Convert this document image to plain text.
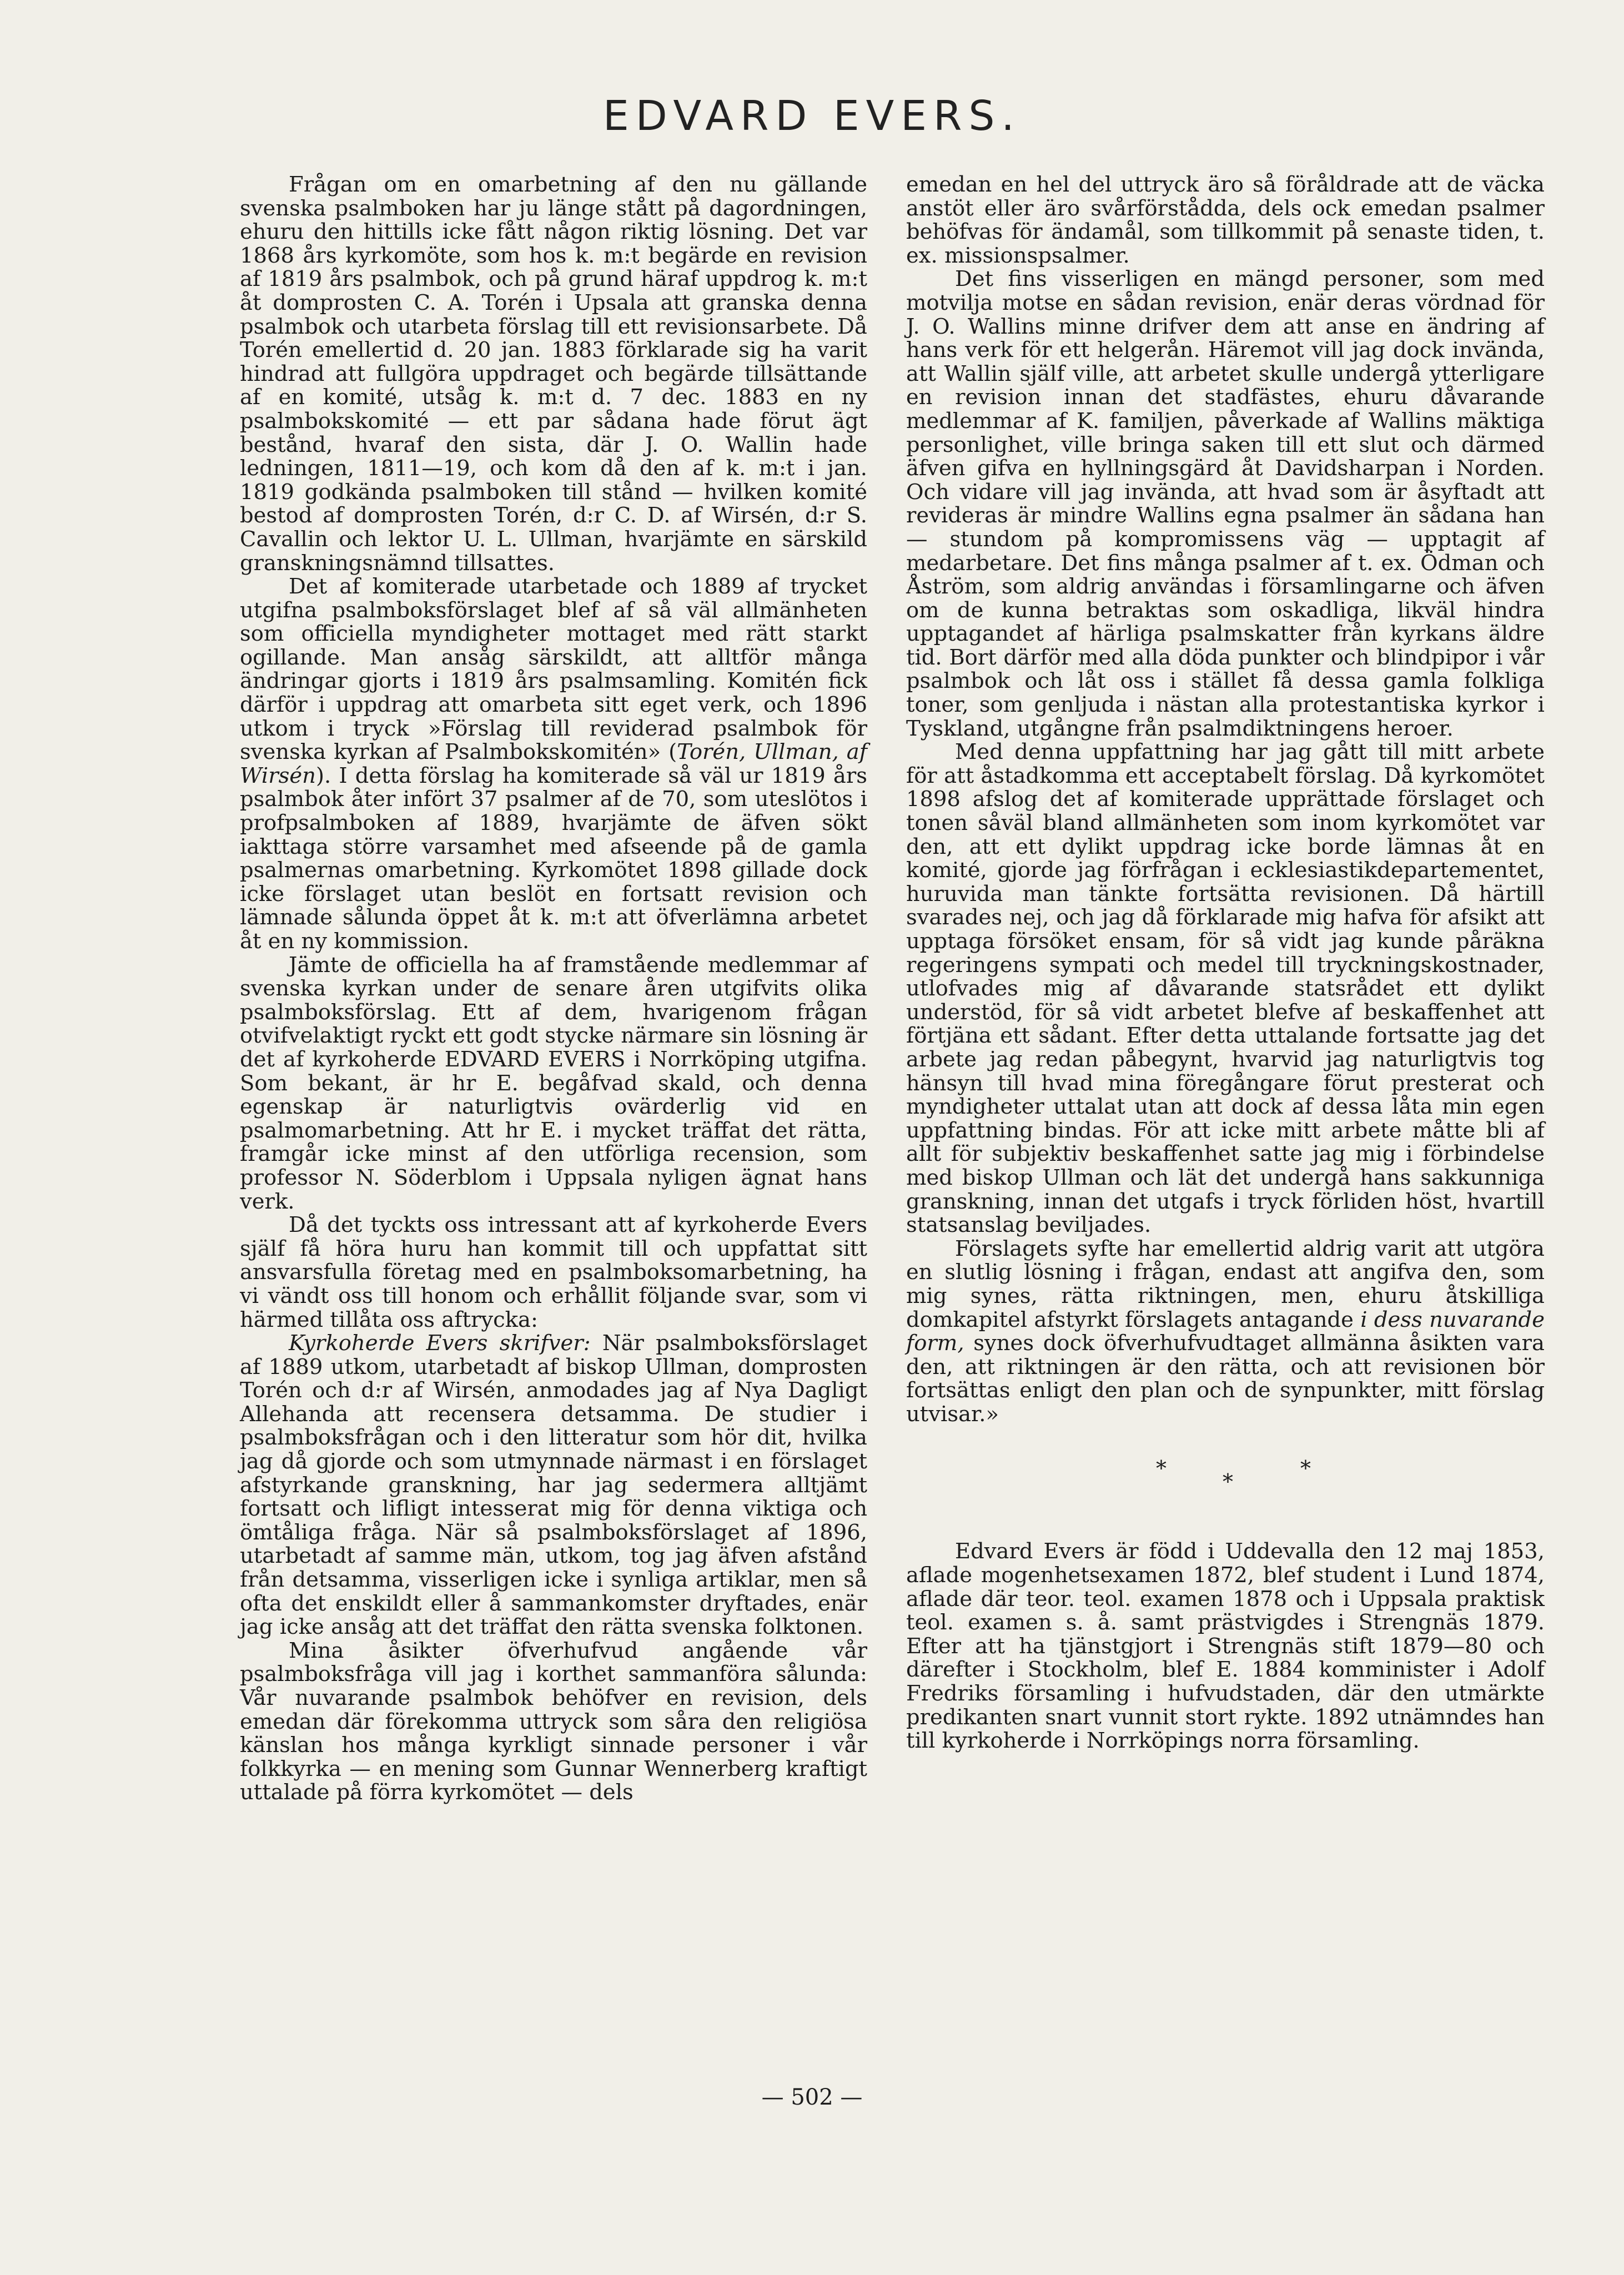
EDVARD EVERS.

Frågan om en omarbetning af den nu gällande svenska psalmboken har ju länge stått på dagordningen, ehuru den hittills icke fått någon riktig lösning. Det var 1868 års kyrkomöte, som hos k. m:t begärde en revision af 1819 års psalmbok, och på grund häraf uppdrog k. m:t åt domprosten C. A. Torén i Upsala att granska denna psalmbok och utarbeta förslag till ett revisionsarbete. Då Torén emellertid d. 20 jan. 1883 förklarade sig ha varit hindrad att fullgöra uppdraget och begärde tillsättande af en komité, utsåg k. m:t d. 7 dec. 1883 en ny psalmbokskomité — ett par sådana hade förut ägt bestånd, hvaraf den sista, där J. O. Wallin hade ledningen, 1811—19, och kom då den af k. m:t i jan. 1819 godkända psalmboken till stånd — hvilken komité bestod af domprosten Torén, d:r C. D. af Wirsén, d:r S. Cavallin och lektor U. L. Ullman, hvarjämte en särskild granskningsnämnd tillsattes.

Det af komiterade utarbetade och 1889 af trycket utgifna psalmboksförslaget blef af så väl allmänheten som officiella myndigheter mottaget med rätt starkt ogillande. Man ansåg särskildt, att alltför många ändringar gjorts i 1819 års psalmsamling. Komitén fick därför i uppdrag att omarbeta sitt eget verk, och 1896 utkom i tryck »Förslag till reviderad psalmbok för svenska kyrkan af Psalmbokskomitén» (Torén, Ullman, af Wirsén). I detta förslag ha komiterade så väl ur 1819 års psalmbok åter infört 37 psalmer af de 70, som uteslötos i profpsalmboken af 1889, hvarjämte de äfven sökt iakttaga större varsamhet med afseende på de gamla psalmernas omarbetning. Kyrkomötet 1898 gillade dock icke förslaget utan beslöt en fortsatt revision och lämnade sålunda öppet åt k. m:t att öfverlämna arbetet åt en ny kommission.

Jämte de officiella ha af framstående medlemmar af svenska kyrkan under de senare åren utgifvits olika psalmboksförslag. Ett af dem, hvarigenom frågan otvifvelaktigt ryckt ett godt stycke närmare sin lösning är det af kyrkoherde EDVARD EVERS i Norrköping utgifna. Som bekant, är hr E. begåfvad skald, och denna egenskap är naturligtvis ovärderlig vid en psalmomarbetning. Att hr E. i mycket träffat det rätta, framgår icke minst af den utförliga recension, som professor N. Söderblom i Uppsala nyligen ägnat hans verk.

Då det tyckts oss intressant att af kyrkoherde Evers själf få höra huru han kommit till och uppfattat sitt ansvarsfulla företag med en psalmboksomarbetning, ha vi vändt oss till honom och erhållit följande svar, som vi härmed tillåta oss aftrycka:

Kyrkoherde Evers skrifver: När psalmboksförslaget af 1889 utkom, utarbetadt af biskop Ullman, domprosten Torén och d:r af Wirsén, anmodades jag af Nya Dagligt Allehanda att recensera detsamma. De studier i psalmboksfrågan och i den litteratur som hör dit, hvilka jag då gjorde och som utmynnade närmast i en förslaget afstyrkande granskning, har jag sedermera alltjämt fortsatt och lifligt intesserat mig för denna viktiga och ömtåliga fråga. När så psalmboksförslaget af 1896, utarbetadt af samme män, utkom, tog jag äfven afstånd från detsamma, visserligen icke i synliga artiklar, men så ofta det enskildt eller å sammankomster dryftades, enär jag icke ansåg att det träffat den rätta svenska folktonen.

Mina åsikter öfverhufvud angående vår psalmboksfråga vill jag i korthet sammanföra sålunda: Vår nuvarande psalmbok behöfver en revision, dels emedan där förekomma uttryck som såra den religiösa känslan hos många kyrkligt sinnade personer i vår folkkyrka — en mening som Gunnar Wennerberg kraftigt uttalade på förra kyrkomötet — dels

emedan en hel del uttryck äro så föråldrade att de väcka anstöt eller äro svårförstådda, dels ock emedan psalmer behöfvas för ändamål, som tillkommit på senaste tiden, t. ex. missionspsalmer.

Det fins visserligen en mängd personer, som med motvilja motse en sådan revision, enär deras vördnad för J. O. Wallins minne drifver dem att anse en ändring af hans verk för ett helgerån. Häremot vill jag dock invända, att Wallin själf ville, att arbetet skulle undergå ytterligare en revision innan det stadfästes, ehuru dåvarande medlemmar af K. familjen, påverkade af Wallins mäktiga personlighet, ville bringa saken till ett slut och därmed äfven gifva en hyllningsgärd åt Davidsharpan i Norden. Och vidare vill jag invända, att hvad som är åsyftadt att revideras är mindre Wallins egna psalmer än sådana han — stundom på kompromissens väg — upptagit af medarbetare. Det fins många psalmer af t. ex. Ödman och Åström, som aldrig användas i församlingarne och äfven om de kunna betraktas som oskadliga, likväl hindra upptagandet af härliga psalmskatter från kyrkans äldre tid. Bort därför med alla döda punkter och blindpipor i vår psalmbok och låt oss i stället få dessa gamla folkliga toner, som genljuda i nästan alla protestantiska kyrkor i Tyskland, utgångne från psalmdiktningens heroer.

Med denna uppfattning har jag gått till mitt arbete för att åstadkomma ett acceptabelt förslag. Då kyrkomötet 1898 afslog det af komiterade upprättade förslaget och tonen såväl bland allmänheten som inom kyrkomötet var den, att ett dylikt uppdrag icke borde lämnas åt en komité, gjorde jag förfrågan i ecklesiastikdepartementet, huruvida man tänkte fortsätta revisionen. Då härtill svarades nej, och jag då förklarade mig hafva för afsikt att upptaga försöket ensam, för så vidt jag kunde påräkna regeringens sympati och medel till tryckningskostnader, utlofvades mig af dåvarande statsrådet ett dylikt understöd, för så vidt arbetet blefve af beskaffenhet att förtjäna ett sådant. Efter detta uttalande fortsatte jag det arbete jag redan påbegynt, hvarvid jag naturligtvis tog hänsyn till hvad mina föregångare förut presterat och myndigheter uttalat utan att dock af dessa låta min egen uppfattning bindas. För att icke mitt arbete måtte bli af allt för subjektiv beskaffenhet satte jag mig i förbindelse med biskop Ullman och lät det undergå hans sakkunniga granskning, innan det utgafs i tryck förliden höst, hvartill statsanslag beviljades.

Förslagets syfte har emellertid aldrig varit att utgöra en slutlig lösning i frågan, endast att angifva den, som mig synes, rätta riktningen, men, ehuru åtskilliga domkapitel afstyrkt förslagets antagande i dess nuvarande form, synes dock öfverhufvudtaget allmänna åsikten vara den, att riktningen är den rätta, och att revisionen bör fortsättas enligt den plan och de synpunkter, mitt förslag utvisar.»

*
*
*

Edvard Evers är född i Uddevalla den 12 maj 1853, aflade mogenhetsexamen 1872, blef student i Lund 1874, aflade där teor. teol. examen 1878 och i Uppsala praktisk teol. examen s. å. samt prästvigdes i Strengnäs 1879. Efter att ha tjänstgjort i Strengnäs stift 1879—80 och därefter i Stockholm, blef E. 1884 komminister i Adolf Fredriks församling i hufvudstaden, där den utmärkte predikanten snart vunnit stort rykte. 1892 utnämndes han till kyrkoherde i Norrköpings norra församling.

— 502 —
